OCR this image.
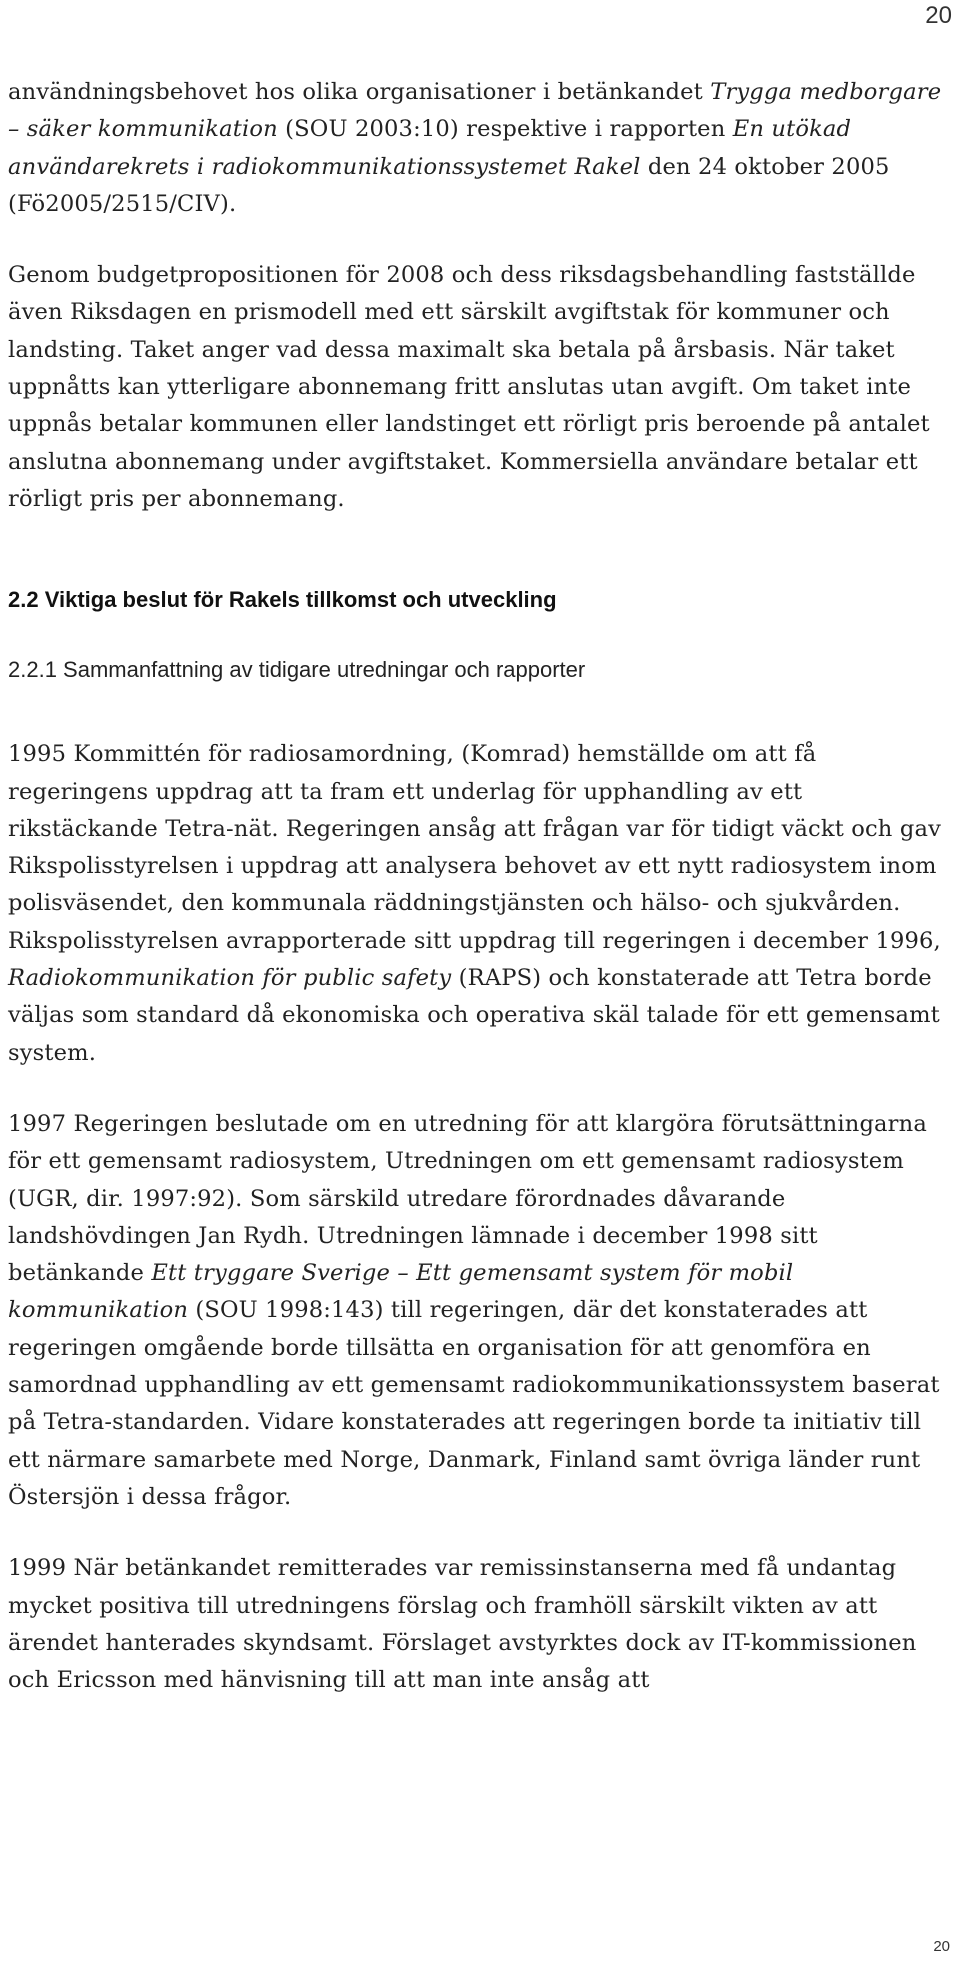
20

användningsbehovet hos olika organisationer i betänkandet Trygga medborgare – säker kommunikation (SOU 2003:10) respektive i rapporten En utökad användarekrets i radiokommunikationssystemet Rakel den 24 oktober 2005 (Fö2005/2515/CIV).

Genom budgetpropositionen för 2008 och dess riksdagsbehandling fastställde även Riksdagen en prismodell med ett särskilt avgiftstak för kommuner och landsting. Taket anger vad dessa maximalt ska betala på årsbasis. När taket uppnåtts kan ytterligare abonnemang fritt anslutas utan avgift. Om taket inte uppnås betalar kommunen eller landstinget ett rörligt pris beroende på antalet anslutna abonnemang under avgiftstaket. Kommersiella användare betalar ett rörligt pris per abonnemang.

2.2 Viktiga beslut för Rakels tillkomst och utveckling
2.2.1 Sammanfattning av tidigare utredningar och rapporter

1995 Kommittén för radiosamordning, (Komrad) hemställde om att få regeringens uppdrag att ta fram ett underlag för upphandling av ett rikstäckande Tetra-nät. Regeringen ansåg att frågan var för tidigt väckt och gav Rikspolisstyrelsen i uppdrag att analysera behovet av ett nytt radiosystem inom polisväsendet, den kommunala räddningstjänsten och hälso- och sjukvården. Rikspolisstyrelsen avrapporterade sitt uppdrag till regeringen i december 1996, Radiokommunikation för public safety (RAPS) och konstaterade att Tetra borde väljas som standard då ekonomiska och operativa skäl talade för ett gemensamt system.

1997 Regeringen beslutade om en utredning för att klargöra förutsättningarna för ett gemensamt radiosystem, Utredningen om ett gemensamt radiosystem (UGR, dir. 1997:92). Som särskild utredare förordnades dåvarande landshövdingen Jan Rydh. Utredningen lämnade i december 1998 sitt betänkande Ett tryggare Sverige – Ett gemensamt system för mobil kommunikation (SOU 1998:143) till regeringen, där det konstaterades att regeringen omgående borde tillsätta en organisation för att genomföra en samordnad upphandling av ett gemensamt radiokommunikationssystem baserat på Tetra-standarden. Vidare konstaterades att regeringen borde ta initiativ till ett närmare samarbete med Norge, Danmark, Finland samt övriga länder runt Östersjön i dessa frågor.

1999 När betänkandet remitterades var remissinstanserna med få undantag mycket positiva till utredningens förslag och framhöll särskilt vikten av att ärendet hanterades skyndsamt. Förslaget avstyrktes dock av IT-kommissionen och Ericsson med hänvisning till att man inte ansåg att

20
